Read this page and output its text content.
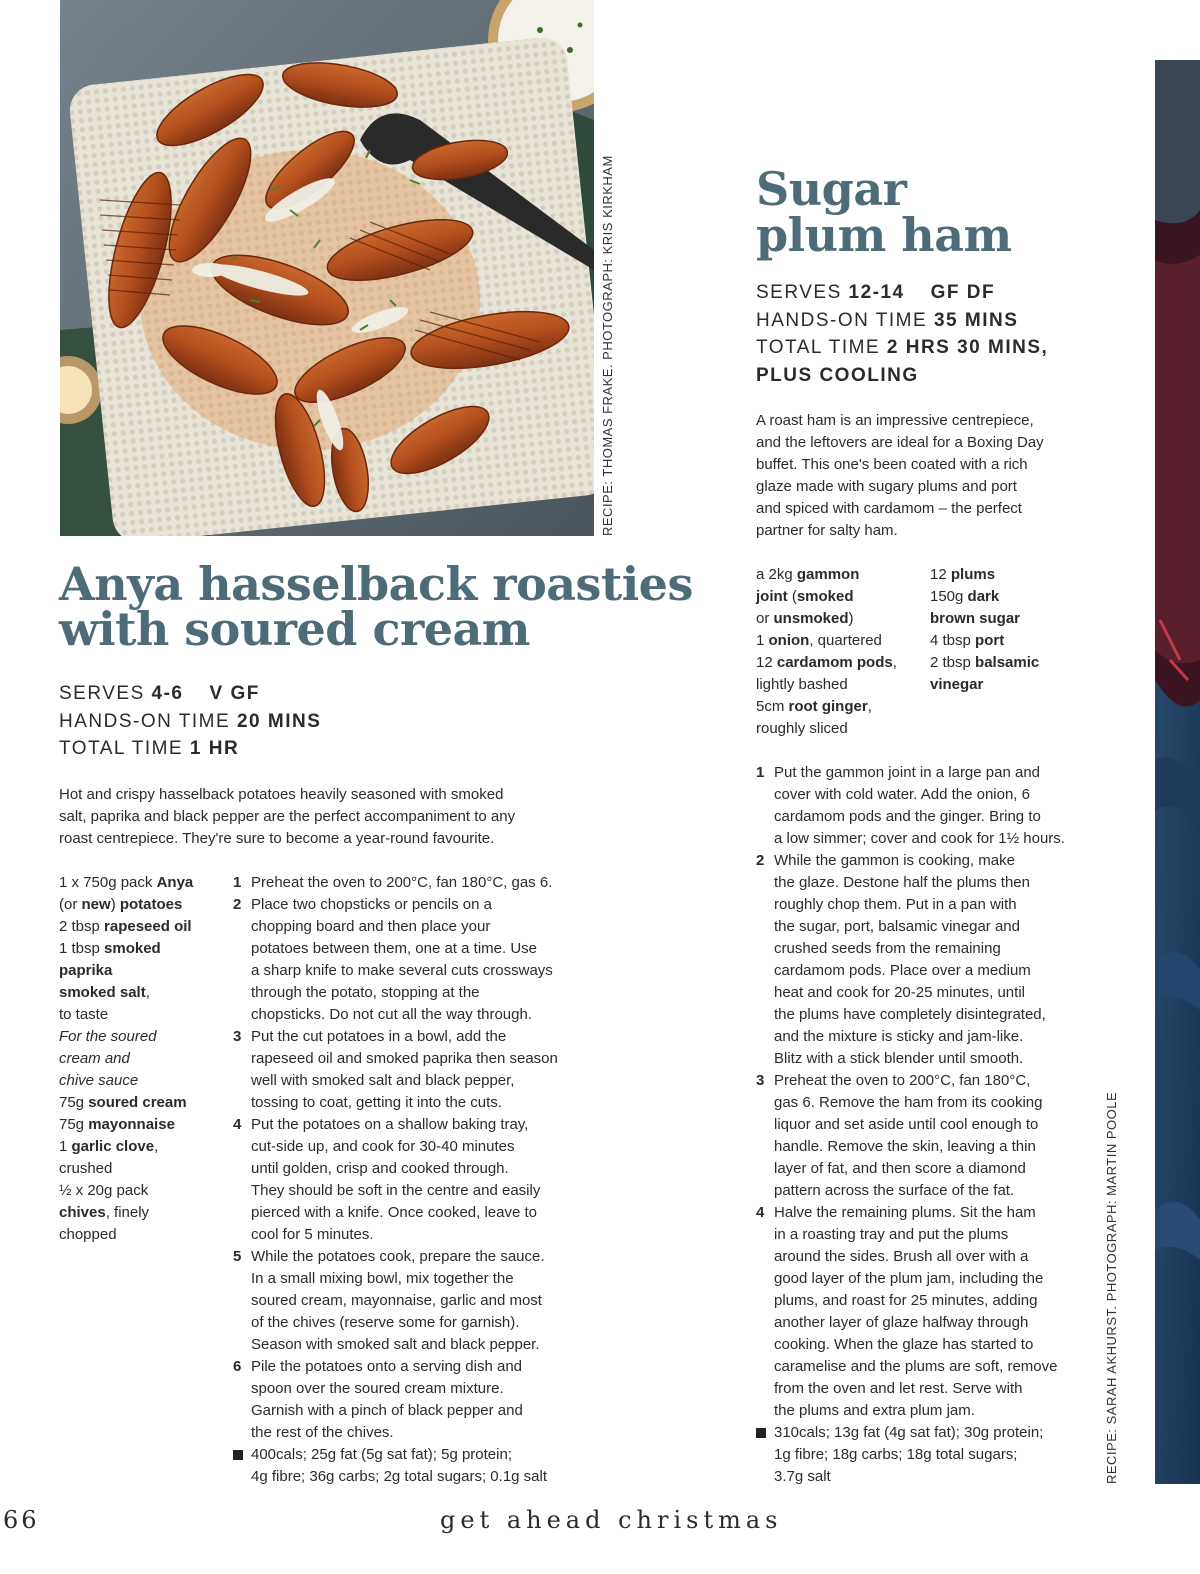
RECIPE: THOMAS FRAKE. PHOTOGRAPH: KRIS KIRKHAM
Anya hasselback roasties
with soured cream
SERVES 4-6 V GF
HANDS-ON TIME 20 MINS
TOTAL TIME 1 HR
Hot and crispy hasselback potatoes heavily seasoned with smoked
salt, paprika and black pepper are the perfect accompaniment to any
roast centrepiece. They're sure to become a year-round favourite.
1 x 750g pack Anya
(or new) potatoes
2 tbsp rapeseed oil
1 tbsp smoked
paprika
smoked salt,
to taste
For the soured
cream and
chive sauce
75g soured cream
75g mayonnaise
1 garlic clove,
crushed
½ x 20g pack
chives, finely
chopped
1 Preheat the oven to 200°C, fan 180°C, gas 6.
2 Place two chopsticks or pencils on a
chopping board and then place your
potatoes between them, one at a time. Use
a sharp knife to make several cuts crossways
through the potato, stopping at the
chopsticks. Do not cut all the way through.
3 Put the cut potatoes in a bowl, add the
rapeseed oil and smoked paprika then season
well with smoked salt and black pepper,
tossing to coat, getting it into the cuts.
4 Put the potatoes on a shallow baking tray,
cut-side up, and cook for 30-40 minutes
until golden, crisp and cooked through.
They should be soft in the centre and easily
pierced with a knife. Once cooked, leave to
cool for 5 minutes.
5 While the potatoes cook, prepare the sauce.
In a small mixing bowl, mix together the
soured cream, mayonnaise, garlic and most
of the chives (reserve some for garnish).
Season with smoked salt and black pepper.
6 Pile the potatoes onto a serving dish and
spoon over the soured cream mixture.
Garnish with a pinch of black pepper and
the rest of the chives.
400cals; 25g fat (5g sat fat); 5g protein;
4g fibre; 36g carbs; 2g total sugars; 0.1g salt
Sugar
plum ham
SERVES 12-14 GF DF
HANDS-ON TIME 35 MINS
TOTAL TIME 2 HRS 30 MINS,
PLUS COOLING
A roast ham is an impressive centrepiece,
and the leftovers are ideal for a Boxing Day
buffet. This one's been coated with a rich
glaze made with sugary plums and port
and spiced with cardamom – the perfect
partner for salty ham.
a 2kg gammon
joint (smoked
or unsmoked)
1 onion, quartered
12 cardamom pods,
lightly bashed
5cm root ginger,
roughly sliced
12 plums
150g dark
brown sugar
4 tbsp port
2 tbsp balsamic
vinegar
1 Put the gammon joint in a large pan and
cover with cold water. Add the onion, 6
cardamom pods and the ginger. Bring to
a low simmer; cover and cook for 1½ hours.
2 While the gammon is cooking, make
the glaze. Destone half the plums then
roughly chop them. Put in a pan with
the sugar, port, balsamic vinegar and
crushed seeds from the remaining
cardamom pods. Place over a medium
heat and cook for 20-25 minutes, until
the plums have completely disintegrated,
and the mixture is sticky and jam-like.
Blitz with a stick blender until smooth.
3 Preheat the oven to 200°C, fan 180°C,
gas 6. Remove the ham from its cooking
liquor and set aside until cool enough to
handle. Remove the skin, leaving a thin
layer of fat, and then score a diamond
pattern across the surface of the fat.
4 Halve the remaining plums. Sit the ham
in a roasting tray and put the plums
around the sides. Brush all over with a
good layer of the plum jam, including the
plums, and roast for 25 minutes, adding
another layer of glaze halfway through
cooking. When the glaze has started to
caramelise and the plums are soft, remove
from the oven and let rest. Serve with
the plums and extra plum jam.
310cals; 13g fat (4g sat fat); 30g protein;
1g fibre; 18g carbs; 18g total sugars;
3.7g salt	RECIPE: SARAH AKHURST. PHOTOGRAPH: MARTIN POOLE
66	get ahead christmas
